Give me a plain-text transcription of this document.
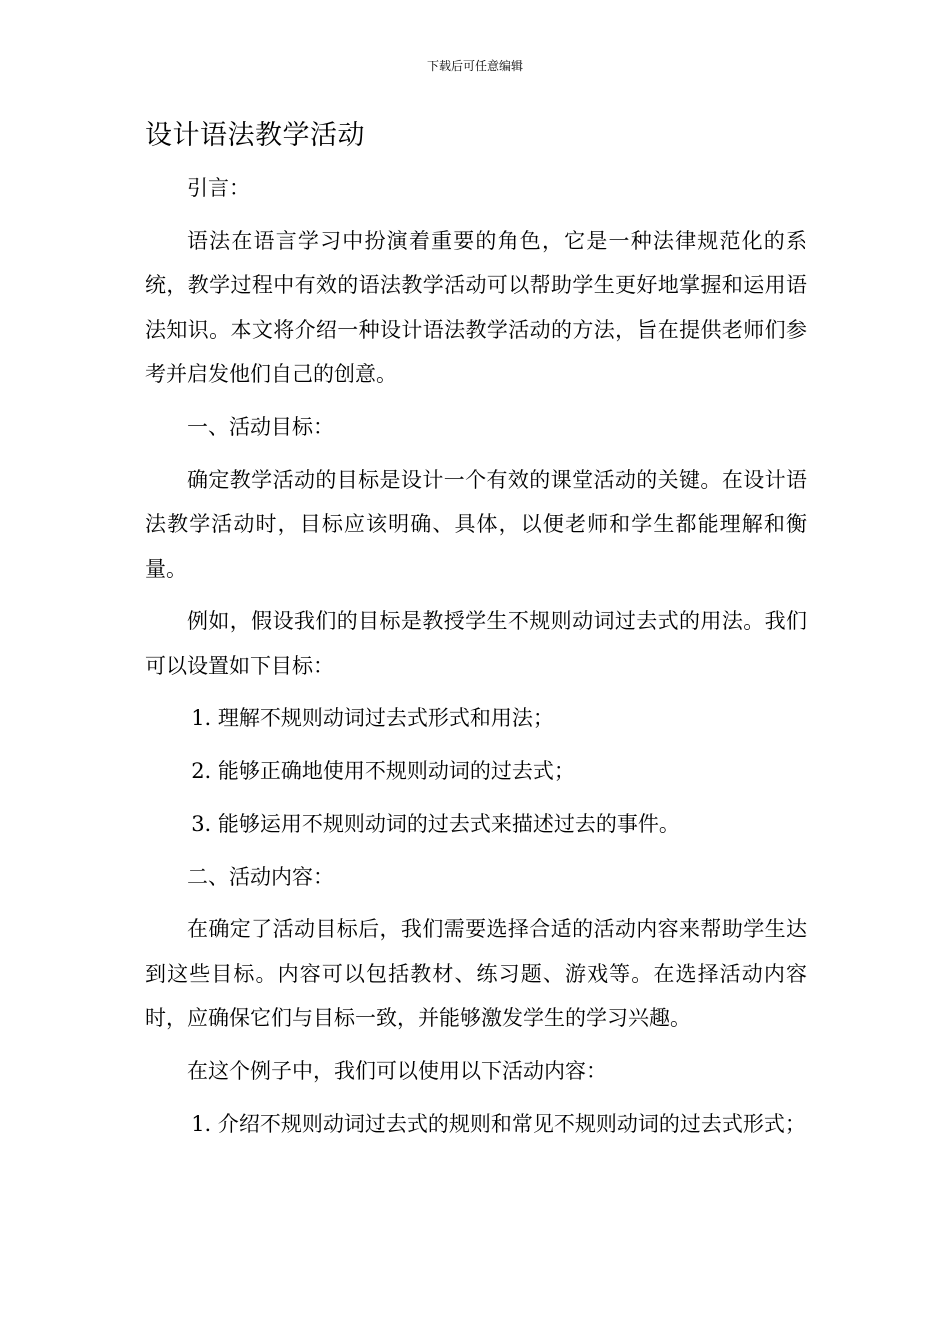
下载后可任意编辑
设计语法教学活动

引言：

语法在语言学习中扮演着重要的角色，它是一种法律规范化的系统，教学过程中有效的语法教学活动可以帮助学生更好地掌握和运用语法知识。本文将介绍一种设计语法教学活动的方法，旨在提供老师们参考并启发他们自己的创意。

一、活动目标：

确定教学活动的目标是设计一个有效的课堂活动的关键。在设计语法教学活动时，目标应该明确、具体，以便老师和学生都能理解和衡量。

例如，假设我们的目标是教授学生不规则动词过去式的用法。我们可以设置如下目标：

1. 理解不规则动词过去式形式和用法；

2. 能够正确地使用不规则动词的过去式；

3. 能够运用不规则动词的过去式来描述过去的事件。

二、活动内容：

在确定了活动目标后，我们需要选择合适的活动内容来帮助学生达到这些目标。内容可以包括教材、练习题、游戏等。在选择活动内容时，应确保它们与目标一致，并能够激发学生的学习兴趣。

在这个例子中，我们可以使用以下活动内容：

1. 介绍不规则动词过去式的规则和常见不规则动词的过去式形式；
